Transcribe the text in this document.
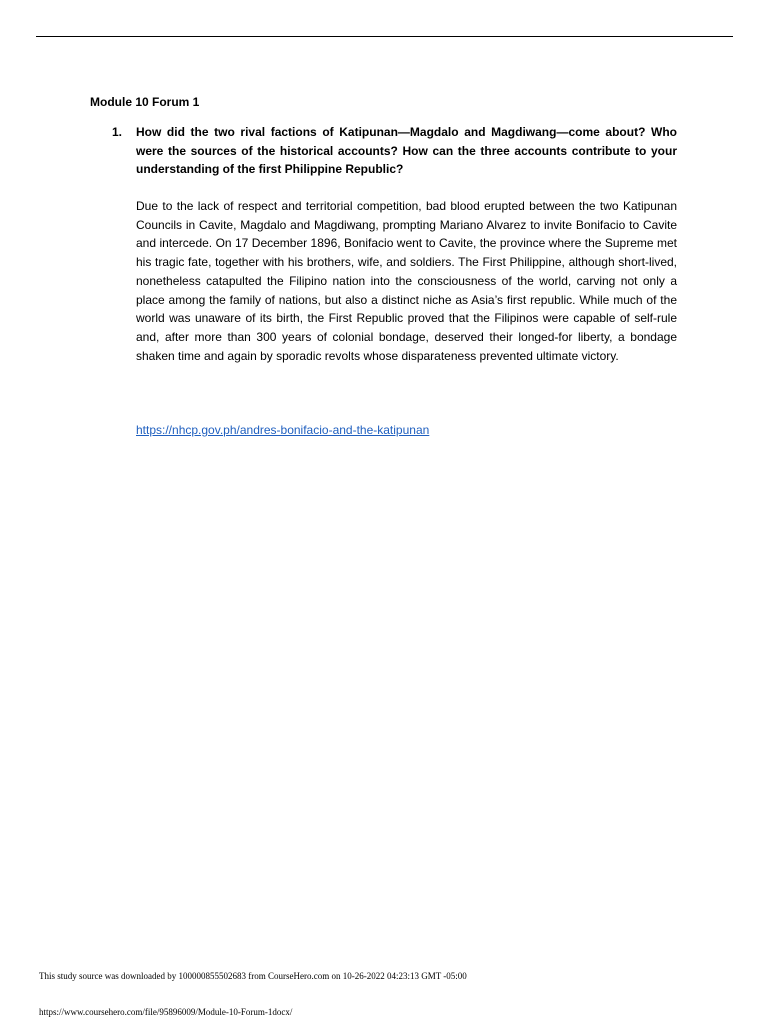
Module 10 Forum 1
1. How did the two rival factions of Katipunan—Magdalo and Magdiwang—come about? Who were the sources of the historical accounts? How can the three accounts contribute to your understanding of the first Philippine Republic?
Due to the lack of respect and territorial competition, bad blood erupted between the two Katipunan Councils in Cavite, Magdalo and Magdiwang, prompting Mariano Alvarez to invite Bonifacio to Cavite and intercede. On 17 December 1896, Bonifacio went to Cavite, the province where the Supreme met his tragic fate, together with his brothers, wife, and soldiers. The First Philippine, although short-lived, nonetheless catapulted the Filipino nation into the consciousness of the world, carving not only a place among the family of nations, but also a distinct niche as Asia’s first republic. While much of the world was unaware of its birth, the First Republic proved that the Filipinos were capable of self-rule and, after more than 300 years of colonial bondage, deserved their longed-for liberty, a bondage shaken time and again by sporadic revolts whose disparateness prevented ultimate victory.
https://nhcp.gov.ph/andres-bonifacio-and-the-katipunan
This study source was downloaded by 100000855502683 from CourseHero.com on 10-26-2022 04:23:13 GMT -05:00
https://www.coursehero.com/file/95896009/Module-10-Forum-1docx/
